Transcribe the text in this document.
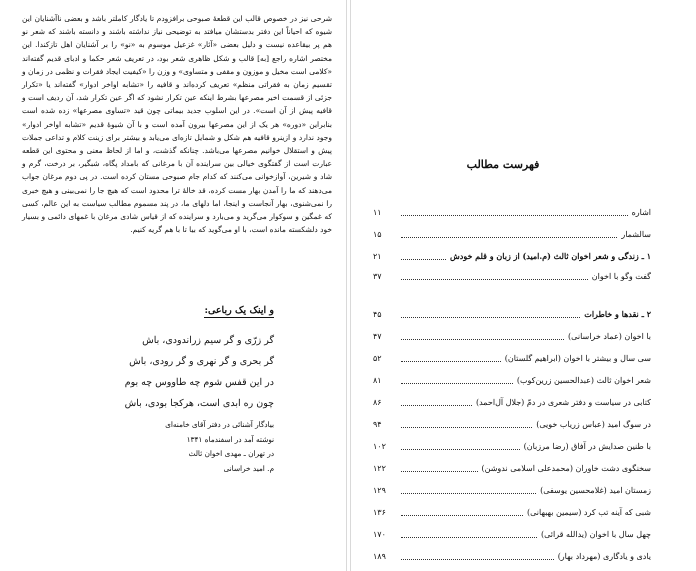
شرحی نیز در خصوص قالب این قطعهٔ صبوحی برافزودم تا یادگار کاملتر باشد و بعضی ناآشنایان این شیوه که احیاناً این دفتر بدستشان میافتد به توضیحی نیاز نداشته باشند و دانسته باشند که شعر نو هم پر بیقاعده نیست و دلیل بعضی «آثار» غزعیل موسوم به «نو» را بر آشنایان اهل تازکندا. این مختصر اشاره راجع [به] قالب و شکل ظاهری شعر بود، در تعریف شعر حکما و ادبای قدیم گفته‌اند «کلامی است مخیل و موزون و مقفی و متساوی» و وزن را «کیفیت ایجاد فقرات و نظمی در زمان و تقسیم زمان به فقراتی منظم» تعریف کرده‌اند و قافیه را «تشابه اواخر ادوار» گفته‌اند یا «تکرار جزئی از قسمت اخیر مصرعها بشرط اینکه عین تکرار نشود که اگر عین تکرار شد، آن ردیف است و قافیه پیش از آن است». در این اسلوب جدید بیماتی چون قید «تساوی مصرعها» زده شده است بنابراین «دوره» هر یک از این مصرعها بیرون آمده است و با آن شیوهٔ قدیم «تشابه اواخر ادوار» وجود ندارد و ازینرو قافیه هم شکل و شمایل تازه‌ای می‌یابد و بیشتر برای زینت کلام و تداعی جملات پیش و استقلال خوانیم مصرعها می‌باشد. چنانکه گذشت، و اما از لحاظ معنی و محتوی این قطعه عبارت است از گفتگوی خیالی بین سراینده آن با مرغانی که بامداد پگاه، شبگیر، بر درخت، گرم و شاد و شیرین، آواز‌خوانی می‌کنند که کدام جام صبوحی مستان کرده است. در پی دوم مرغان جواب می‌دهند که ما را آمدن بهار مست کرده، قد خالهٔ ترا محدود است که هیچ جا را نمی‌بینی و هیچ خبری را نمی‌شنوی، بهار آنجاست و اینجا، اما دلهای ما، در پند مسموم مطالب سیاست به این عالم، کسی که غمگین و سوکوار می‌گرید و می‌بارد و سراینده که از قیاس شادی مرغان با غمهای دائمی و بسیار خود دلشکسته مانده است، با او می‌گوید که بیا تا با هم گریه کنیم.

و اینک یک رباعی:
گر زرّی و گر سیم زراندودی، باش
گر بحری و گر نهری و گر رودی، باش
در این قفس شوم چه طاووس چه بوم
چون ره ابدی است، هرکجا بودی، باش
بیادگار آشنائی در دفتر آقای خامنه‌ای
نوشته آمد در اسفندماه ۱۳۴۱
در تهران ـ مهدی اخوان ثالث
م. امید خراسانی
فهرست مطالب
۱۱	اشاره
۱۵	سالشمار
۲۱	۱ ـ زندگی و شعر اخوان ثالث (م.امید) از زبان و قلم خودش
۳۷	گفت وگو با اخوان
۴۵	۲ ـ نقدها و خاطرات
۴۷	با اخوان (عماد خراسانی)
۵۲	سی سال و بیشتر با اخوان (ابراهیم گلستان)
۸۱	شعر اخوان ثالث (عبدالحسین زرین‌کوب)
۸۶	کتابی در سیاست و دفتر شعری در دمّ (جلال آل‌احمد)
۹۴	در سوگ امید (عباس زریاب خویی)
۱۰۲	با طنین صدایش در آفاق (رضا مرزبان)
۱۲۲	سخنگوی دشت خاوران (محمدعلی اسلامی ندوشن)
۱۲۹	زمستان امید (غلامحسین یوسفی)
۱۳۶	شبی که آینه تب کرد (سیمین بهبهانی)
۱۷۰	چهل سال با اخوان (یدالله قرائی)
۱۸۹	یادی و یادگاری (مهرداد بهار)
